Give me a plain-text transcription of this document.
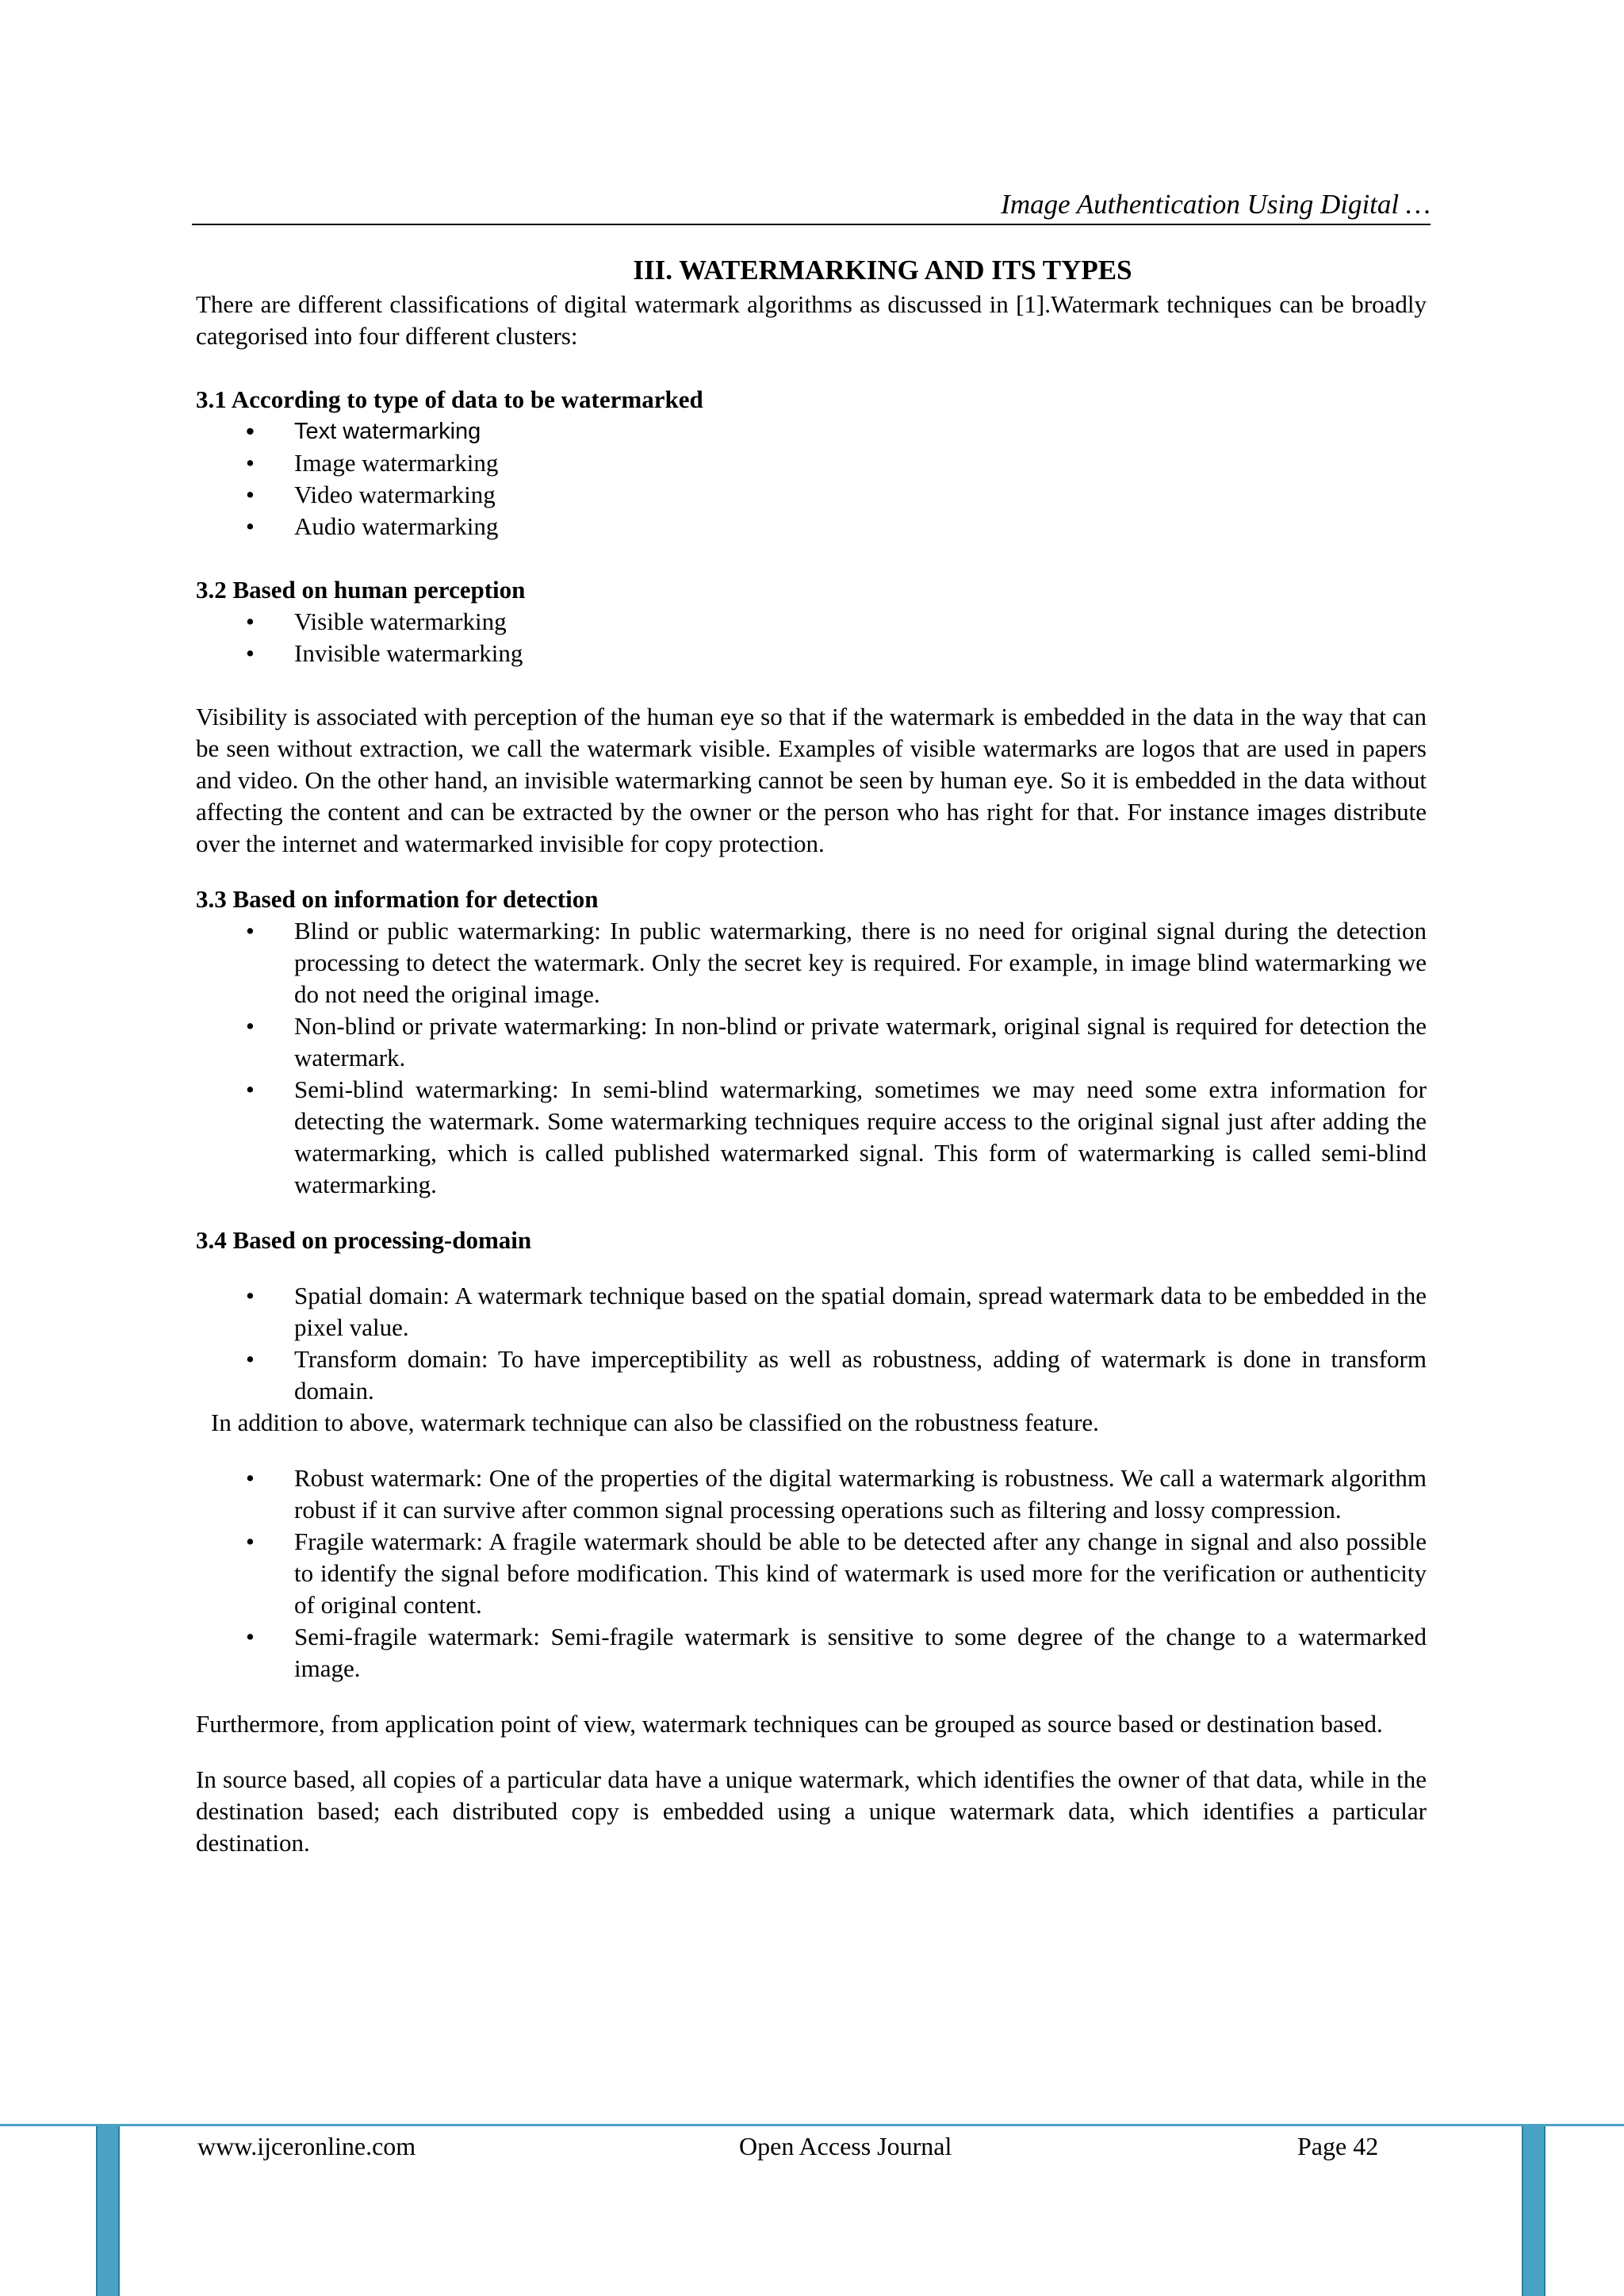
Image Authentication Using Digital …
III. WATERMARKING AND ITS TYPES

There are different classifications of digital watermark algorithms as discussed in [1].Watermark techniques can be broadly categorised into four different clusters:

3.1 According to type of data to be watermarked

• Text watermarking
• Image watermarking
• Video watermarking
• Audio watermarking

3.2 Based on human perception

• Visible watermarking
• Invisible watermarking

Visibility is associated with perception of the human eye so that if the watermark is embedded in the data in the way that can be seen without extraction, we call the watermark visible. Examples of visible watermarks are logos that are used in papers and video. On the other hand, an invisible watermarking cannot be seen by human eye. So it is embedded in the data without affecting the content and can be extracted by the owner or the person who has right for that. For instance images distribute over the internet and watermarked invisible for copy protection.

3.3 Based on information for detection

• Blind or public watermarking: In public watermarking, there is no need for original signal during the detection processing to detect the watermark. Only the secret key is required. For example, in image blind watermarking we do not need the original image.
• Non-blind or private watermarking: In non-blind or private watermark, original signal is required for detection the watermark.
• Semi-blind watermarking: In semi-blind watermarking, sometimes we may need some extra information for detecting the watermark. Some watermarking techniques require access to the original signal just after adding the watermarking, which is called published watermarked signal. This form of watermarking is called semi-blind watermarking.

3.4 Based on processing-domain

• Spatial domain: A watermark technique based on the spatial domain, spread watermark data to be embedded in the pixel value.
• Transform domain: To have imperceptibility as well as robustness, adding of watermark is done in transform domain.

In addition to above, watermark technique can also be classified on the robustness feature.

• Robust watermark: One of the properties of the digital watermarking is robustness. We call a watermark algorithm robust if it can survive after common signal processing operations such as filtering and lossy compression.
• Fragile watermark: A fragile watermark should be able to be detected after any change in signal and also possible to identify the signal before modification. This kind of watermark is used more for the verification or authenticity of original content.
• Semi-fragile watermark: Semi-fragile watermark is sensitive to some degree of the change to a watermarked image.

Furthermore, from application point of view, watermark techniques can be grouped as source based or destination based.

In source based, all copies of a particular data have a unique watermark, which identifies the owner of that data, while in the destination based; each distributed copy is embedded using a unique watermark data, which identifies a particular destination.

www.ijceronline.com	Open Access Journal	Page 42
